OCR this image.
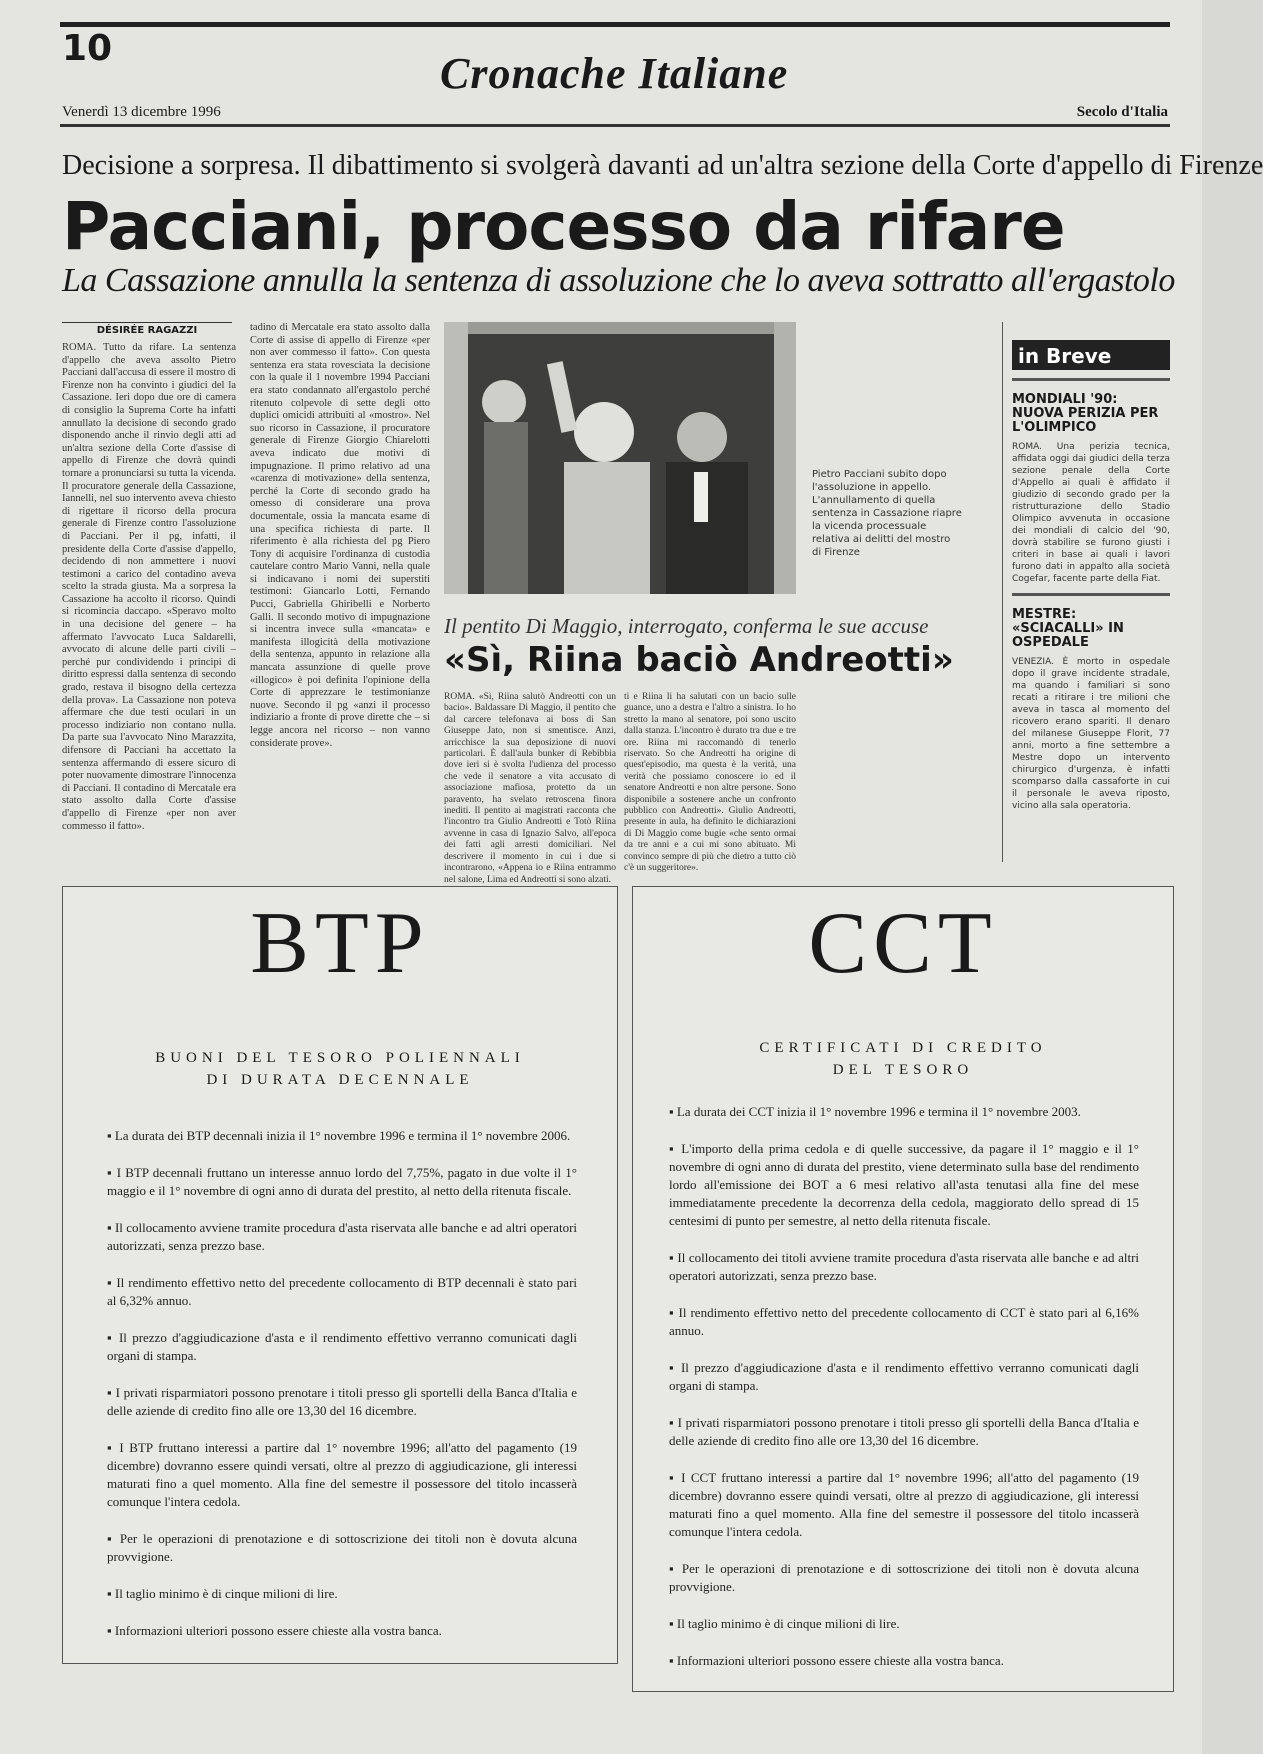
10
Cronache Italiane
Venerdì 13 dicembre 1996	Secolo d'Italia
Decisione a sorpresa. Il dibattimento si svolgerà davanti ad un'altra sezione della Corte d'appello di Firenze
Pacciani, processo da rifare
La Cassazione annulla la sentenza di assoluzione che lo aveva sottratto all'ergastolo
DÉSIRÉE RAGAZZI

ROMA. Tutto da rifare. La sentenza d'appello che aveva assolto Pietro Pacciani dall'accusa di essere il mostro di Firenze non ha convinto i giudici del la Cassazione. Ieri dopo due ore di camera di consiglio la Suprema Corte ha infatti annullato la decisione di secondo grado disponendo anche il rinvio degli atti ad un'altra sezione della Corte d'assise di appello di Firenze che dovrà quindi tornare a pronunciarsi su tutta la vicenda. Il procuratore generale della Cassazione, Iannelli, nel suo intervento aveva chiesto di rigettare il ricorso della procura generale di Firenze contro l'assoluzione di Pacciani. Per il pg, infatti, il presidente della Corte d'assise d'appello, decidendo di non ammettere i nuovi testimoni a carico del contadino aveva scelto la strada giusta. Ma a sorpresa la Cassazione ha accolto il ricorso. Quindi si ricomincia daccapo. «Speravo molto in una decisione del genere – ha affermato l'avvocato Luca Saldarelli, avvocato di alcune delle parti civili – perché pur condividendo i principi di diritto espressi dalla sentenza di secondo grado, restava il bisogno della certezza della prova». La Cassazione non poteva affermare che due testi oculari in un processo indiziario non contano nulla. Da parte sua l'avvocato Nino Marazzita, difensore di Pacciani ha accettato la sentenza affermando di essere sicuro di poter nuovamente dimostrare l'innocenza di Pacciani. Il contadino di Mercatale era stato assolto dalla Corte d'assise d'appello di Firenze «per non aver commesso il fatto».

tadino di Mercatale era stato assolto dalla Corte di assise di appello di Firenze «per non aver commesso il fatto». Con questa sentenza era stata rovesciata la decisione con la quale il 1 novembre 1994 Pacciani era stato condannato all'ergastolo perché ritenuto colpevole di sette degli otto duplici omicidi attribuiti al «mostro». Nel suo ricorso in Cassazione, il procuratore generale di Firenze Giorgio Chiarelotti aveva indicato due motivi di impugnazione. Il primo relativo ad una «carenza di motivazione» della sentenza, perché la Corte di secondo grado ha omesso di considerare una prova documentale, ossia la mancata esame di una specifica richiesta di parte. Il riferimento è alla richiesta del pg Piero Tony di acquisire l'ordinanza di custodia cautelare contro Mario Vanni, nella quale si indicavano i nomi dei superstiti testimoni: Giancarlo Lotti, Fernando Pucci, Gabriella Ghiribelli e Norberto Galli. Il secondo motivo di impugnazione si incentra invece sulla «mancata» e manifesta illogicità della motivazione della sentenza, appunto in relazione alla mancata assunzione di quelle prove «illogico» è poi definita l'opinione della Corte di apprezzare le testimonianze nuove. Secondo il pg «anzi il processo indiziario a fronte di prove dirette che – si legge ancora nel ricorso – non vanno considerate prove».

Pietro Pacciani subito dopo l'assoluzione in appello. L'annullamento di quella sentenza in Cassazione riapre la vicenda processuale relativa ai delitti del mostro di Firenze
Il pentito Di Maggio, interrogato, conferma le sue accuse
«Sì, Riina baciò Andreotti»

ROMA. «Sì, Riina salutò Andreotti con un bacio». Baldassare Di Maggio, il pentito che dal carcere telefonava ai boss di San Giuseppe Jato, non si smentisce. Anzi, arricchisce la sua deposizione di nuovi particolari. È dall'aula bunker di Rebibbia dove ieri si è svolta l'udienza del processo che vede il senatore a vita accusato di associazione mafiosa, protetto da un paravento, ha svelato retroscena finora inediti. Il pentito ai magistrati racconta che l'incontro tra Giulio Andreotti e Totò Riina avvenne in casa di Ignazio Salvo, all'epoca dei fatti agli arresti domiciliari. Nel descrivere il momento in cui i due si incontrarono, «Appena io e Riina entrammo nel salone, Lima ed Andreotti si sono alzati.

ti e Riina li ha salutati con un bacio sulle guance, uno a destra e l'altro a sinistra. Io ho stretto la mano al senatore, poi sono uscito dalla stanza. L'incontro è durato tra due e tre ore. Riina mi raccomandò di tenerlo riservato. So che Andreotti ha origine di quest'episodio, ma questa è la verità, una verità che possiamo conoscere io ed il senatore Andreotti e non altre persone. Sono disponibile a sostenere anche un confronto pubblico con Andreotti». Giulio Andreotti, presente in aula, ha definito le dichiarazioni di Di Maggio come bugie «che sento ormai da tre anni e a cui mi sono abituato. Mi convinco sempre di più che dietro a tutto ciò c'è un suggeritore».

in Breve
MONDIALI '90: NUOVA PERIZIA PER L'OLIMPICO
ROMA. Una perizia tecnica, affidata oggi dai giudici della terza sezione penale della Corte d'Appello ai quali è affidato il giudizio di secondo grado per la ristrutturazione dello Stadio Olimpico avvenuta in occasione dei mondiali di calcio del '90, dovrà stabilire se furono giusti i criteri in base ai quali i lavori furono dati in appalto alla società Cogefar, facente parte della Fiat.
MESTRE: «SCIACALLI» IN OSPEDALE
VENEZIA. È morto in ospedale dopo il grave incidente stradale, ma quando i familiari si sono recati a ritirare i tre milioni che aveva in tasca al momento del ricovero erano spariti. Il denaro del milanese Giuseppe Florit, 77 anni, morto a fine settembre a Mestre dopo un intervento chirurgico d'urgenza, è infatti scomparso dalla cassaforte in cui il personale le aveva riposto, vicino alla sala operatoria.
BTP
BUONI DEL TESORO POLIENNALI
DI DURATA DECENNALE
▪ La durata dei BTP decennali inizia il 1° novembre 1996 e termina il 1° novembre 2006.
▪ I BTP decennali fruttano un interesse annuo lordo del 7,75%, pagato in due volte il 1° maggio e il 1° novembre di ogni anno di durata del prestito, al netto della ritenuta fiscale.
▪ Il collocamento avviene tramite procedura d'asta riservata alle banche e ad altri operatori autorizzati, senza prezzo base.
▪ Il rendimento effettivo netto del precedente collocamento di BTP decennali è stato pari al 6,32% annuo.
▪ Il prezzo d'aggiudicazione d'asta e il rendimento effettivo verranno comunicati dagli organi di stampa.
▪ I privati risparmiatori possono prenotare i titoli presso gli sportelli della Banca d'Italia e delle aziende di credito fino alle ore 13,30 del 16 dicembre.
▪ I BTP fruttano interessi a partire dal 1° novembre 1996; all'atto del pagamento (19 dicembre) dovranno essere quindi versati, oltre al prezzo di aggiudicazione, gli interessi maturati fino a quel momento. Alla fine del semestre il possessore del titolo incasserà comunque l'intera cedola.
▪ Per le operazioni di prenotazione e di sottoscrizione dei titoli non è dovuta alcuna provvigione.
▪ Il taglio minimo è di cinque milioni di lire.
▪ Informazioni ulteriori possono essere chieste alla vostra banca.
CCT
CERTIFICATI DI CREDITO
DEL TESORO
▪ La durata dei CCT inizia il 1° novembre 1996 e termina il 1° novembre 2003.
▪ L'importo della prima cedola e di quelle successive, da pagare il 1° maggio e il 1° novembre di ogni anno di durata del prestito, viene determinato sulla base del rendimento lordo all'emissione dei BOT a 6 mesi relativo all'asta tenutasi alla fine del mese immediatamente precedente la decorrenza della cedola, maggiorato dello spread di 15 centesimi di punto per semestre, al netto della ritenuta fiscale.
▪ Il collocamento dei titoli avviene tramite procedura d'asta riservata alle banche e ad altri operatori autorizzati, senza prezzo base.
▪ Il rendimento effettivo netto del precedente collocamento di CCT è stato pari al 6,16% annuo.
▪ Il prezzo d'aggiudicazione d'asta e il rendimento effettivo verranno comunicati dagli organi di stampa.
▪ I privati risparmiatori possono prenotare i titoli presso gli sportelli della Banca d'Italia e delle aziende di credito fino alle ore 13,30 del 16 dicembre.
▪ I CCT fruttano interessi a partire dal 1° novembre 1996; all'atto del pagamento (19 dicembre) dovranno essere quindi versati, oltre al prezzo di aggiudicazione, gli interessi maturati fino a quel momento. Alla fine del semestre il possessore del titolo incasserà comunque l'intera cedola.
▪ Per le operazioni di prenotazione e di sottoscrizione dei titoli non è dovuta alcuna provvigione.
▪ Il taglio minimo è di cinque milioni di lire.
▪ Informazioni ulteriori possono essere chieste alla vostra banca.
